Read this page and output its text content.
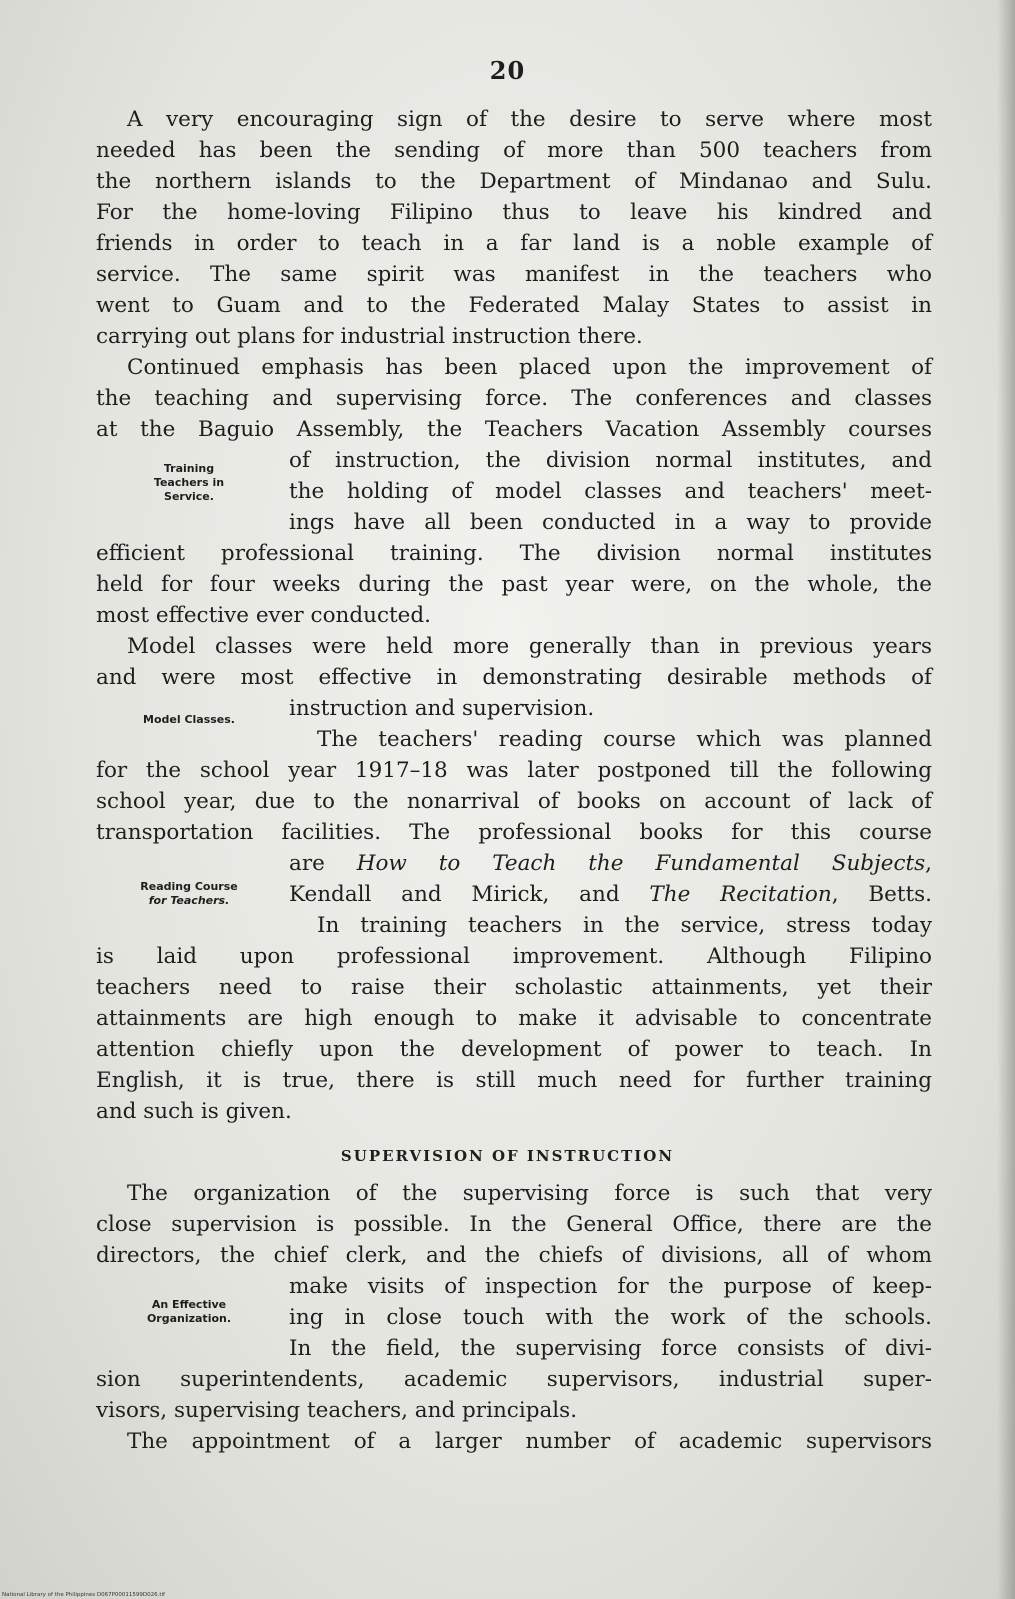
20
A very encouraging sign of the desire to serve where most
needed has been the sending of more than 500 teachers from
the northern islands to the Department of Mindanao and Sulu.
For the home-loving Filipino thus to leave his kindred and
friends in order to teach in a far land is a noble example of
service. The same spirit was manifest in the teachers who
went to Guam and to the Federated Malay States to assist in
carrying out plans for industrial instruction there.
Continued emphasis has been placed upon the improvement of
the teaching and supervising force. The conferences and classes
at the Baguio Assembly, the Teachers Vacation Assembly courses
of instruction, the division normal institutes, and
the holding of model classes and teachers' meet-
ings have all been conducted in a way to provide
efficient professional training. The division normal institutes
held for four weeks during the past year were, on the whole, the
most effective ever conducted.
Training
Teachers in
Service.
Model classes were held more generally than in previous years
and were most effective in demonstrating desirable methods of
instruction and supervision.
Model Classes.
The teachers' reading course which was planned
for the school year 1917–18 was later postponed till the following
school year, due to the nonarrival of books on account of lack of
transportation facilities. The professional books for this course
are How to Teach the Fundamental Subjects,
Kendall and Mirick, and The Recitation, Betts.
Reading Course
for Teachers.
In training teachers in the service, stress today
is laid upon professional improvement. Although Filipino
teachers need to raise their scholastic attainments, yet their
attainments are high enough to make it advisable to concentrate
attention chiefly upon the development of power to teach. In
English, it is true, there is still much need for further training
and such is given.
SUPERVISION OF INSTRUCTION
The organization of the supervising force is such that very
close supervision is possible. In the General Office, there are the
directors, the chief clerk, and the chiefs of divisions, all of whom
make visits of inspection for the purpose of keep-
ing in close touch with the work of the schools.
In the field, the supervising force consists of divi-
sion superintendents, academic supervisors, industrial super-
visors, supervising teachers, and principals.
An Effective
Organization.
The appointment of a larger number of academic supervisors
National Library of the Philippines D067P00011599D026.tif
